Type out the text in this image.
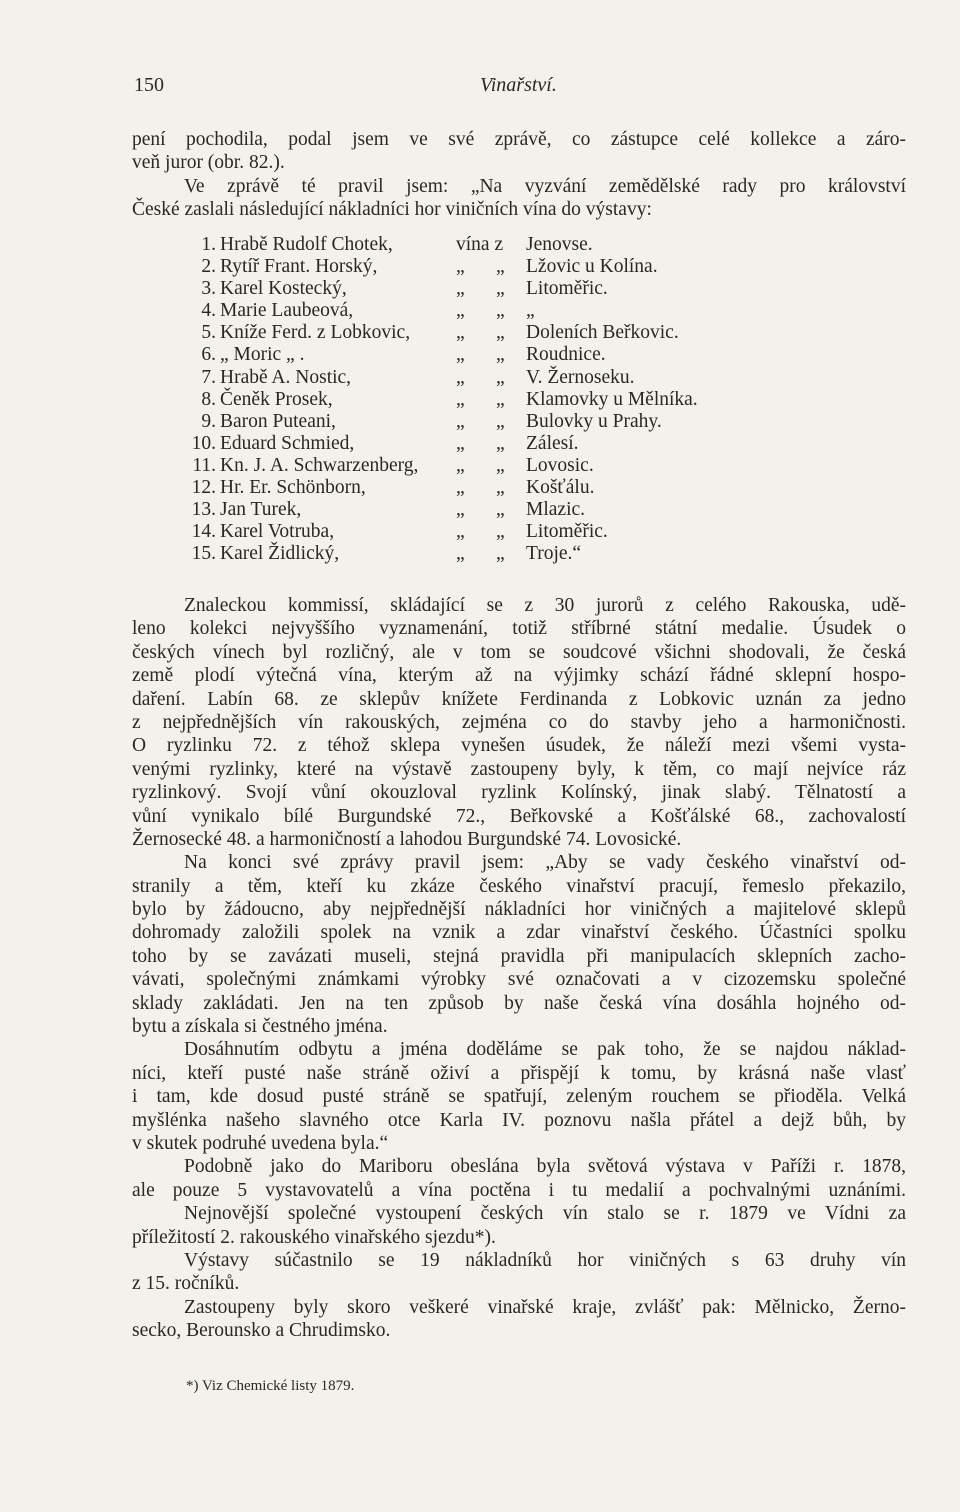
150	Vinařství.
pení pochodila, podal jsem ve své zprávě, co zástupce celé kollekce a záro-
veň juror (obr. 82.).
Ve zprávě té pravil jsem: „Na vyzvání zemědělské rady pro království
České zaslali následující nákladníci hor viničních vína do výstavy:
1. Hrabě Rudolf Chotek,	vína z Jenovse.
2. Rytíř Frant. Horský,	„ „ Lžovic u Kolína.
3. Karel Kostecký,	„ „ Litoměřic.
4. Marie Laubeová,	„ „ „
5. Kníže Ferd. z Lobkovic, „ „ Doleních Beřkovic.
6. „ Moric „ .	„ „ Roudnice.
7. Hrabě A. Nostic,	„ „ V. Žernoseku.
8. Čeněk Prosek,	„ „ Klamovky u Mělníka.
9. Baron Puteani,	„ „ Bulovky u Prahy.
10. Eduard Schmied,	„ „ Zálesí.
11. Kn. J. A. Schwarzenberg, „ „ Lovosic.
12. Hr. Er. Schönborn,	„ „ Košťálu.
13. Jan Turek,	„ „ Mlazic.
14. Karel Votruba,	„ „ Litoměřic.
15. Karel Židlický,	„ „ Troje.“
Znaleckou kommissí, skládající se z 30 jurorů z celého Rakouska, udě-
leno kolekci nejvyššího vyznamenání, totiž stříbrné státní medalie. Úsudek o
českých vínech byl rozličný, ale v tom se soudcové všichni shodovali, že česká
země plodí výtečná vína, kterým až na výjimky schází řádné sklepní hospo-
daření. Labín 68. ze sklepův knížete Ferdinanda z Lobkovic uznán za jedno
z nejpřednějších vín rakouských, zejména co do stavby jeho a harmoničnosti.
O ryzlinku 72. z téhož sklepa vynešen úsudek, že náleží mezi všemi vysta-
venými ryzlinky, které na výstavě zastoupeny byly, k těm, co mají nejvíce ráz
ryzlinkový. Svojí vůní okouzloval ryzlink Kolínský, jinak slabý. Tělnatostí a
vůní vynikalo bílé Burgundské 72., Beřkovské a Košťálské 68., zachovalostí
Žernosecké 48. a harmoničností a lahodou Burgundské 74. Lovosické.
Na konci své zprávy pravil jsem: „Aby se vady českého vinařství od-
stranily a těm, kteří ku zkáze českého vinařství pracují, řemeslo překazilo,
bylo by žádoucno, aby nejpřednější nákladníci hor viničných a majitelové sklepů
dohromady založili spolek na vznik a zdar vinařství českého. Účastníci spolku
toho by se zavázati museli, stejná pravidla při manipulacích sklepních zacho-
vávati, společnými známkami výrobky své označovati a v cizozemsku společné
sklady zakládati. Jen na ten způsob by naše česká vína dosáhla hojného od-
bytu a získala si čestného jména.
Dosáhnutím odbytu a jména doděláme se pak toho, že se najdou náklad-
níci, kteří pusté naše stráně oživí a přispějí k tomu, by krásná naše vlasť
i tam, kde dosud pusté stráně se spatřují, zeleným rouchem se přioděla. Velká
myšlénka našeho slavného otce Karla IV. poznovu našla přátel a dejž bůh, by
v skutek podruhé uvedena byla.“
Podobně jako do Mariboru obeslána byla světová výstava v Paříži r. 1878,
ale pouze 5 vystavovatelů a vína poctěna i tu medalií a pochvalnými uznáními.
Nejnovější společné vystoupení českých vín stalo se r. 1879 ve Vídni za
příležitostí 2. rakouského vinařského sjezdu*).
Výstavy súčastnilo se 19 nákladníků hor viničných s 63 druhy vín
z 15. ročníků.
Zastoupeny byly skoro veškeré vinařské kraje, zvlášť pak: Mělnicko, Žerno-
secko, Berounsko a Chrudimsko.
*) Viz Chemické listy 1879.
